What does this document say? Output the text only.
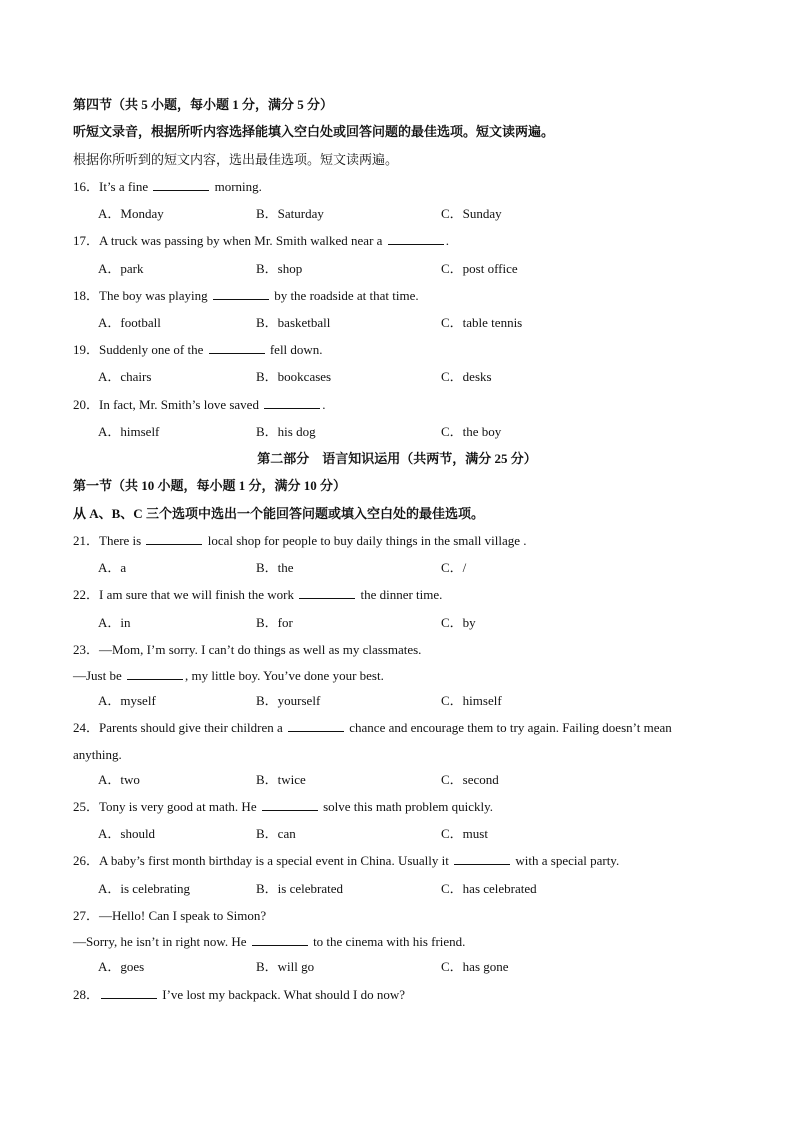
第四节（共 5 小题，每小题 1 分，满分 5 分）
听短文录音，根据所听内容选择能填入空白处或回答问题的最佳选项。短文读两遍。
根据你所听到的短文内容，选出最佳选项。短文读两遍。
16．It’s a fine	morning.
A．Monday	B．Saturday	C．Sunday
17．A truck was passing by when Mr. Smith walked near a	.
A．park	B．shop	C．post office
18．The boy was playing	by the roadside at that time.
A．football	B．basketball	C．table tennis
19．Suddenly one of the	fell down.
A．chairs	B．bookcases	C．desks
20．In fact, Mr. Smith’s love saved	.
A．himself	B．his dog	C．the boy
第二部分　语言知识运用（共两节，满分 25 分）
第一节（共 10 小题，每小题 1 分，满分 10 分）
从 A、B、C 三个选项中选出一个能回答问题或填入空白处的最佳选项。
21．There is	local shop for people to buy daily things in the small village .
A．a	B．the	C．/
22．I am sure that we will finish the work	the dinner time.
A．in	B．for	C．by
23．—Mom, I’m sorry. I can’t do things as well as my classmates.
—Just be	, my little boy. You’ve done your best.
A．myself	B．yourself	C．himself
24．Parents should give their children a	chance and encourage them to try again. Failing doesn’t mean
anything.
A．two	B．twice	C．second
25．Tony is very good at math. He	solve this math problem quickly.
A．should	B．can	C．must
26．A baby’s first month birthday is a special event in China. Usually it	with a special party.
A．is celebrating	B．is celebrated	C．has celebrated
27．—Hello! Can I speak to Simon?
—Sorry, he isn’t in right now. He	to the cinema with his friend.
A．goes	B．will go	C．has gone
28．	I’ve lost my backpack. What should I do now?
